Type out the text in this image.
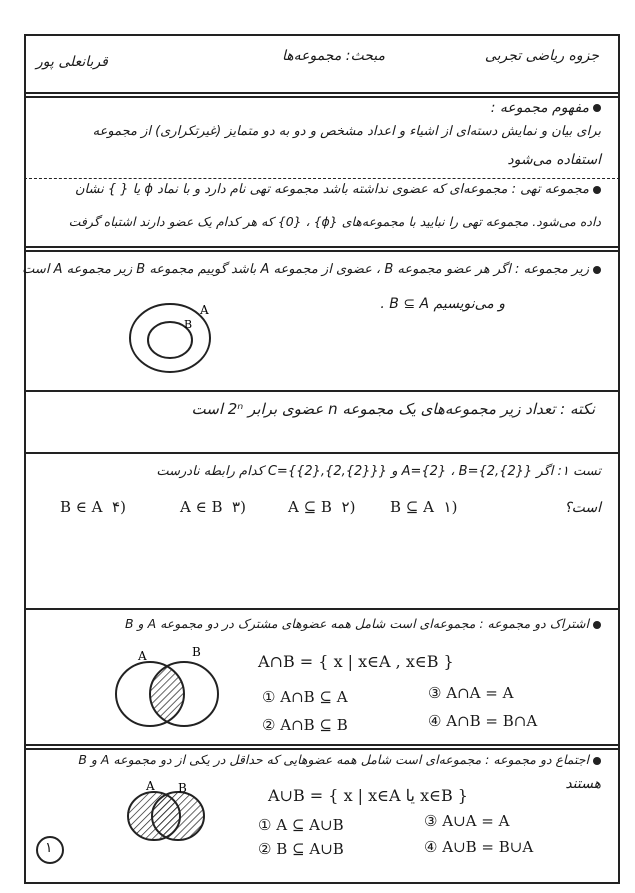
جزوه ریاضی تجربی
مبحث: مجموعه‌ها
قربانعلی پور
مفهوم مجموعه :
برای بیان و نمایش دسته‌ای از اشیاء و اعداد مشخص و دو به دو متمایز (غیرتکراری) از مجموعه
استفاده می‌شود
مجموعه تهی : مجموعه‌ای که عضوی نداشته باشد مجموعه تهی نام دارد و با نماد ϕ یا { } نشان
داده می‌شود. مجموعه تهی را نبایید با مجموعه‌های {ϕ} ، {0} که هر کدام یک عضو دارند اشتباه گرفت
زیر مجموعه : اگر هر عضو مجموعه B ، عضوی از مجموعه A باشد گوییم مجموعه B زیر مجموعه A است
و می‌نویسیم B ⊆ A .
A
B
نکته : تعداد زیر مجموعه‌های یک مجموعه n عضوی برابر 2ⁿ است
تست ۱: اگر A={2} ، B={2,{2}} و C={{2},{2,{2}}} کدام رابطه نادرست
است؟
B ⊆ A ۱)
A ⊆ B ۲)
A ∈ B ۳)
B ∈ A ۴)
اشتراک دو مجموعه : مجموعه‌ای است شامل همه عضوهای مشترک در دو مجموعه A و B
A∩B = { x | x∈A , x∈B }
A	B
① A∩B ⊆ A
② A∩B ⊆ B
③ A∩A = A
④ A∩B = B∩A
اجتماع دو مجموعه : مجموعه‌ای است شامل همه عضوهایی که حداقل در یکی از دو مجموعه A و B
هستند
A∪B = { x | x∈A یا x∈B }
A B
① A ⊆ A∪B
② B ⊆ A∪B
③ A∪A = A
④ A∪B = B∪A
۱
